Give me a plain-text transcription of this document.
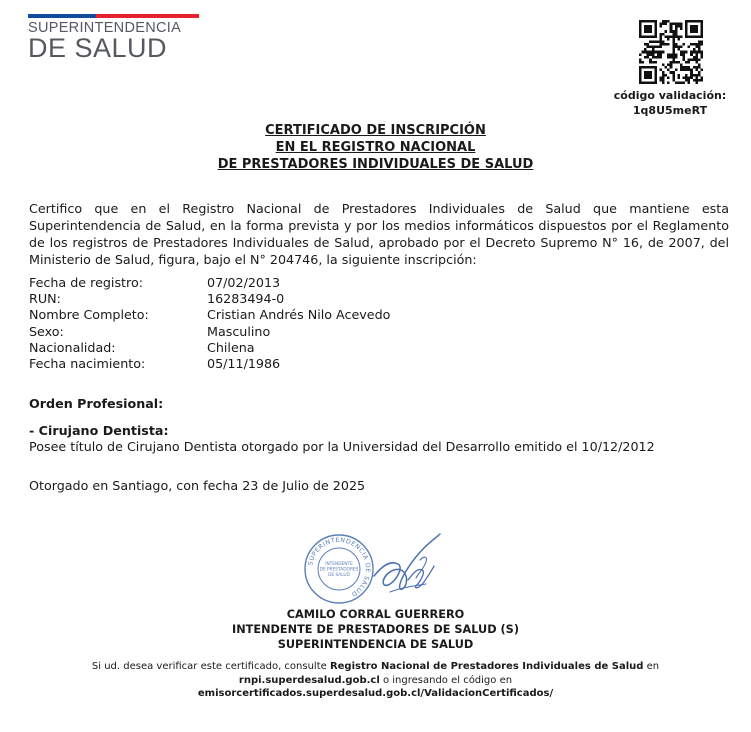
SUPERINTENDENCIA
DE SALUD
código validación:
1q8U5meRT
CERTIFICADO DE INSCRIPCIÓN
EN EL REGISTRO NACIONAL
DE PRESTADORES INDIVIDUALES DE SALUD
Certifico que en el Registro Nacional de Prestadores Individuales de Salud que mantiene esta Superintendencia de Salud, en la forma prevista y por los medios informáticos dispuestos por el Reglamento de los registros de Prestadores Individuales de Salud, aprobado por el Decreto Supremo N° 16, de 2007, del Ministerio de Salud, figura, bajo el N° 204746, la siguiente inscripción:
Fecha de registro:	07/02/2013
RUN:	16283494-0
Nombre Completo:	Cristian Andrés Nilo Acevedo
Sexo:	Masculino
Nacionalidad:	Chilena
Fecha nacimiento:	05/11/1986
Orden Profesional:
- Cirujano Dentista:
Posee título de Cirujano Dentista otorgado por la Universidad del Desarrollo emitido el 10/12/2012
Otorgado en Santiago, con fecha 23 de Julio de 2025
SUPERINTENDENCIA DE SALUD
INTENDENTE
DE PRESTADORES
DE SALUD
CAMILO CORRAL GUERRERO
INTENDENTE DE PRESTADORES DE SALUD (S)
SUPERINTENDENCIA DE SALUD
Si ud. desea verificar este certificado, consulte Registro Nacional de Prestadores Individuales de Salud en rnpi.superdesalud.gob.cl o ingresando el código en emisorcertificados.superdesalud.gob.cl/ValidacionCertificados/
